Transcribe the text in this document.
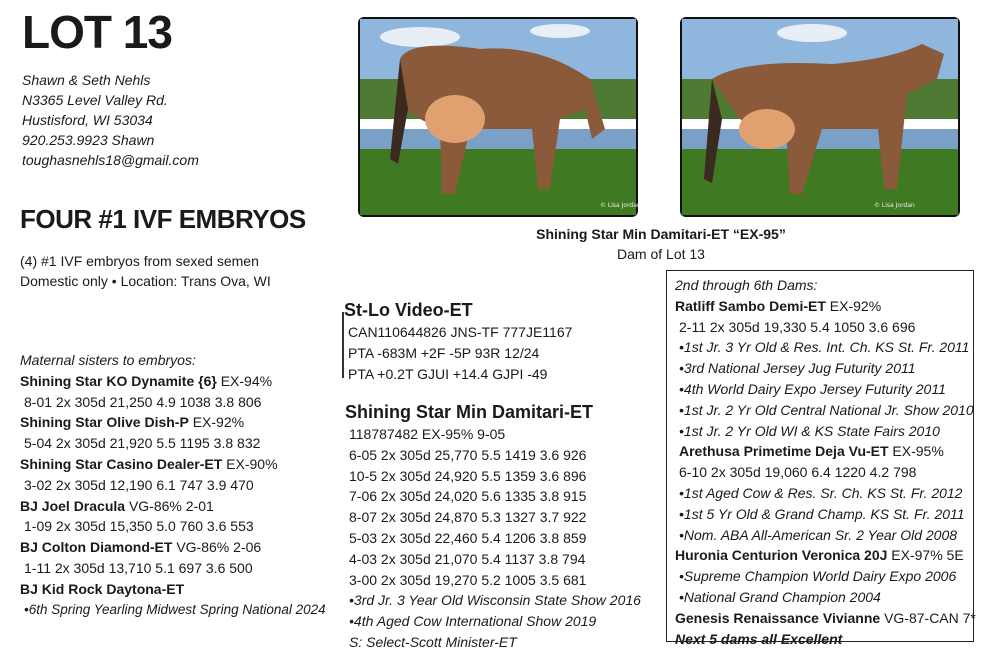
LOT 13
Shawn & Seth Nehls
N3365 Level Valley Rd.
Hustisford, WI 53034
920.253.9923 Shawn
toughasnehls18@gmail.com
FOUR #1 IVF EMBRYOS
(4) #1 IVF embryos from sexed semen
Domestic only • Location: Trans Ova, WI
© Lisa Jordan	© Lisa Jordan
Shining Star Min Damitari-ET “EX-95”
Dam of Lot 13
Maternal sisters to embryos:
Shining Star KO Dynamite {6} EX-94%
8-01 2x 305d 21,250 4.9 1038 3.8 806
Shining Star Olive Dish-P EX-92%
5-04 2x 305d 21,920 5.5 1195 3.8 832
Shining Star Casino Dealer-ET EX-90%
3-02 2x 305d 12,190 6.1 747 3.9 470
BJ Joel Dracula VG-86% 2-01
1-09 2x 305d 15,350 5.0 760 3.6 553
BJ Colton Diamond-ET VG-86% 2-06
1-11 2x 305d 13,710 5.1 697 3.6 500
BJ Kid Rock Daytona-ET
•6th Spring Yearling Midwest Spring National 2024
St-Lo Video-ET
CAN110644826 JNS-TF 777JE1167
PTA -683M +2F -5P 93R 12/24
PTA +0.2T GJUI +14.4 GJPI -49
Shining Star Min Damitari-ET
118787482 EX-95% 9-05
6-05 2x 305d 25,770 5.5 1419 3.6 926
10-5 2x 305d 24,920 5.5 1359 3.6 896
7-06 2x 305d 24,020 5.6 1335 3.8 915
8-07 2x 305d 24,870 5.3 1327 3.7 922
5-03 2x 305d 22,460 5.4 1206 3.8 859
4-03 2x 305d 21,070 5.4 1137 3.8 794
3-00 2x 305d 19,270 5.2 1005 3.5 681
•3rd Jr. 3 Year Old Wisconsin State Show 2016
•4th Aged Cow International Show 2019
S: Select-Scott Minister-ET
2nd through 6th Dams:
Ratliff Sambo Demi-ET EX-92%
2-11 2x 305d 19,330 5.4 1050 3.6 696
•1st Jr. 3 Yr Old & Res. Int. Ch. KS St. Fr. 2011
•3rd National Jersey Jug Futurity 2011
•4th World Dairy Expo Jersey Futurity 2011
•1st Jr. 2 Yr Old Central National Jr. Show 2010
•1st Jr. 2 Yr Old WI & KS State Fairs 2010
Arethusa Primetime Deja Vu-ET EX-95%
6-10 2x 305d 19,060 6.4 1220 4.2 798
•1st Aged Cow & Res. Sr. Ch. KS St. Fr. 2012
•1st 5 Yr Old & Grand Champ. KS St. Fr. 2011
•Nom. ABA All-American Sr. 2 Year Old 2008
Huronia Centurion Veronica 20J EX-97% 5E
•Supreme Champion World Dairy Expo 2006
•National Grand Champion 2004
Genesis Renaissance Vivianne VG-87-CAN 7*
Next 5 dams all Excellent
